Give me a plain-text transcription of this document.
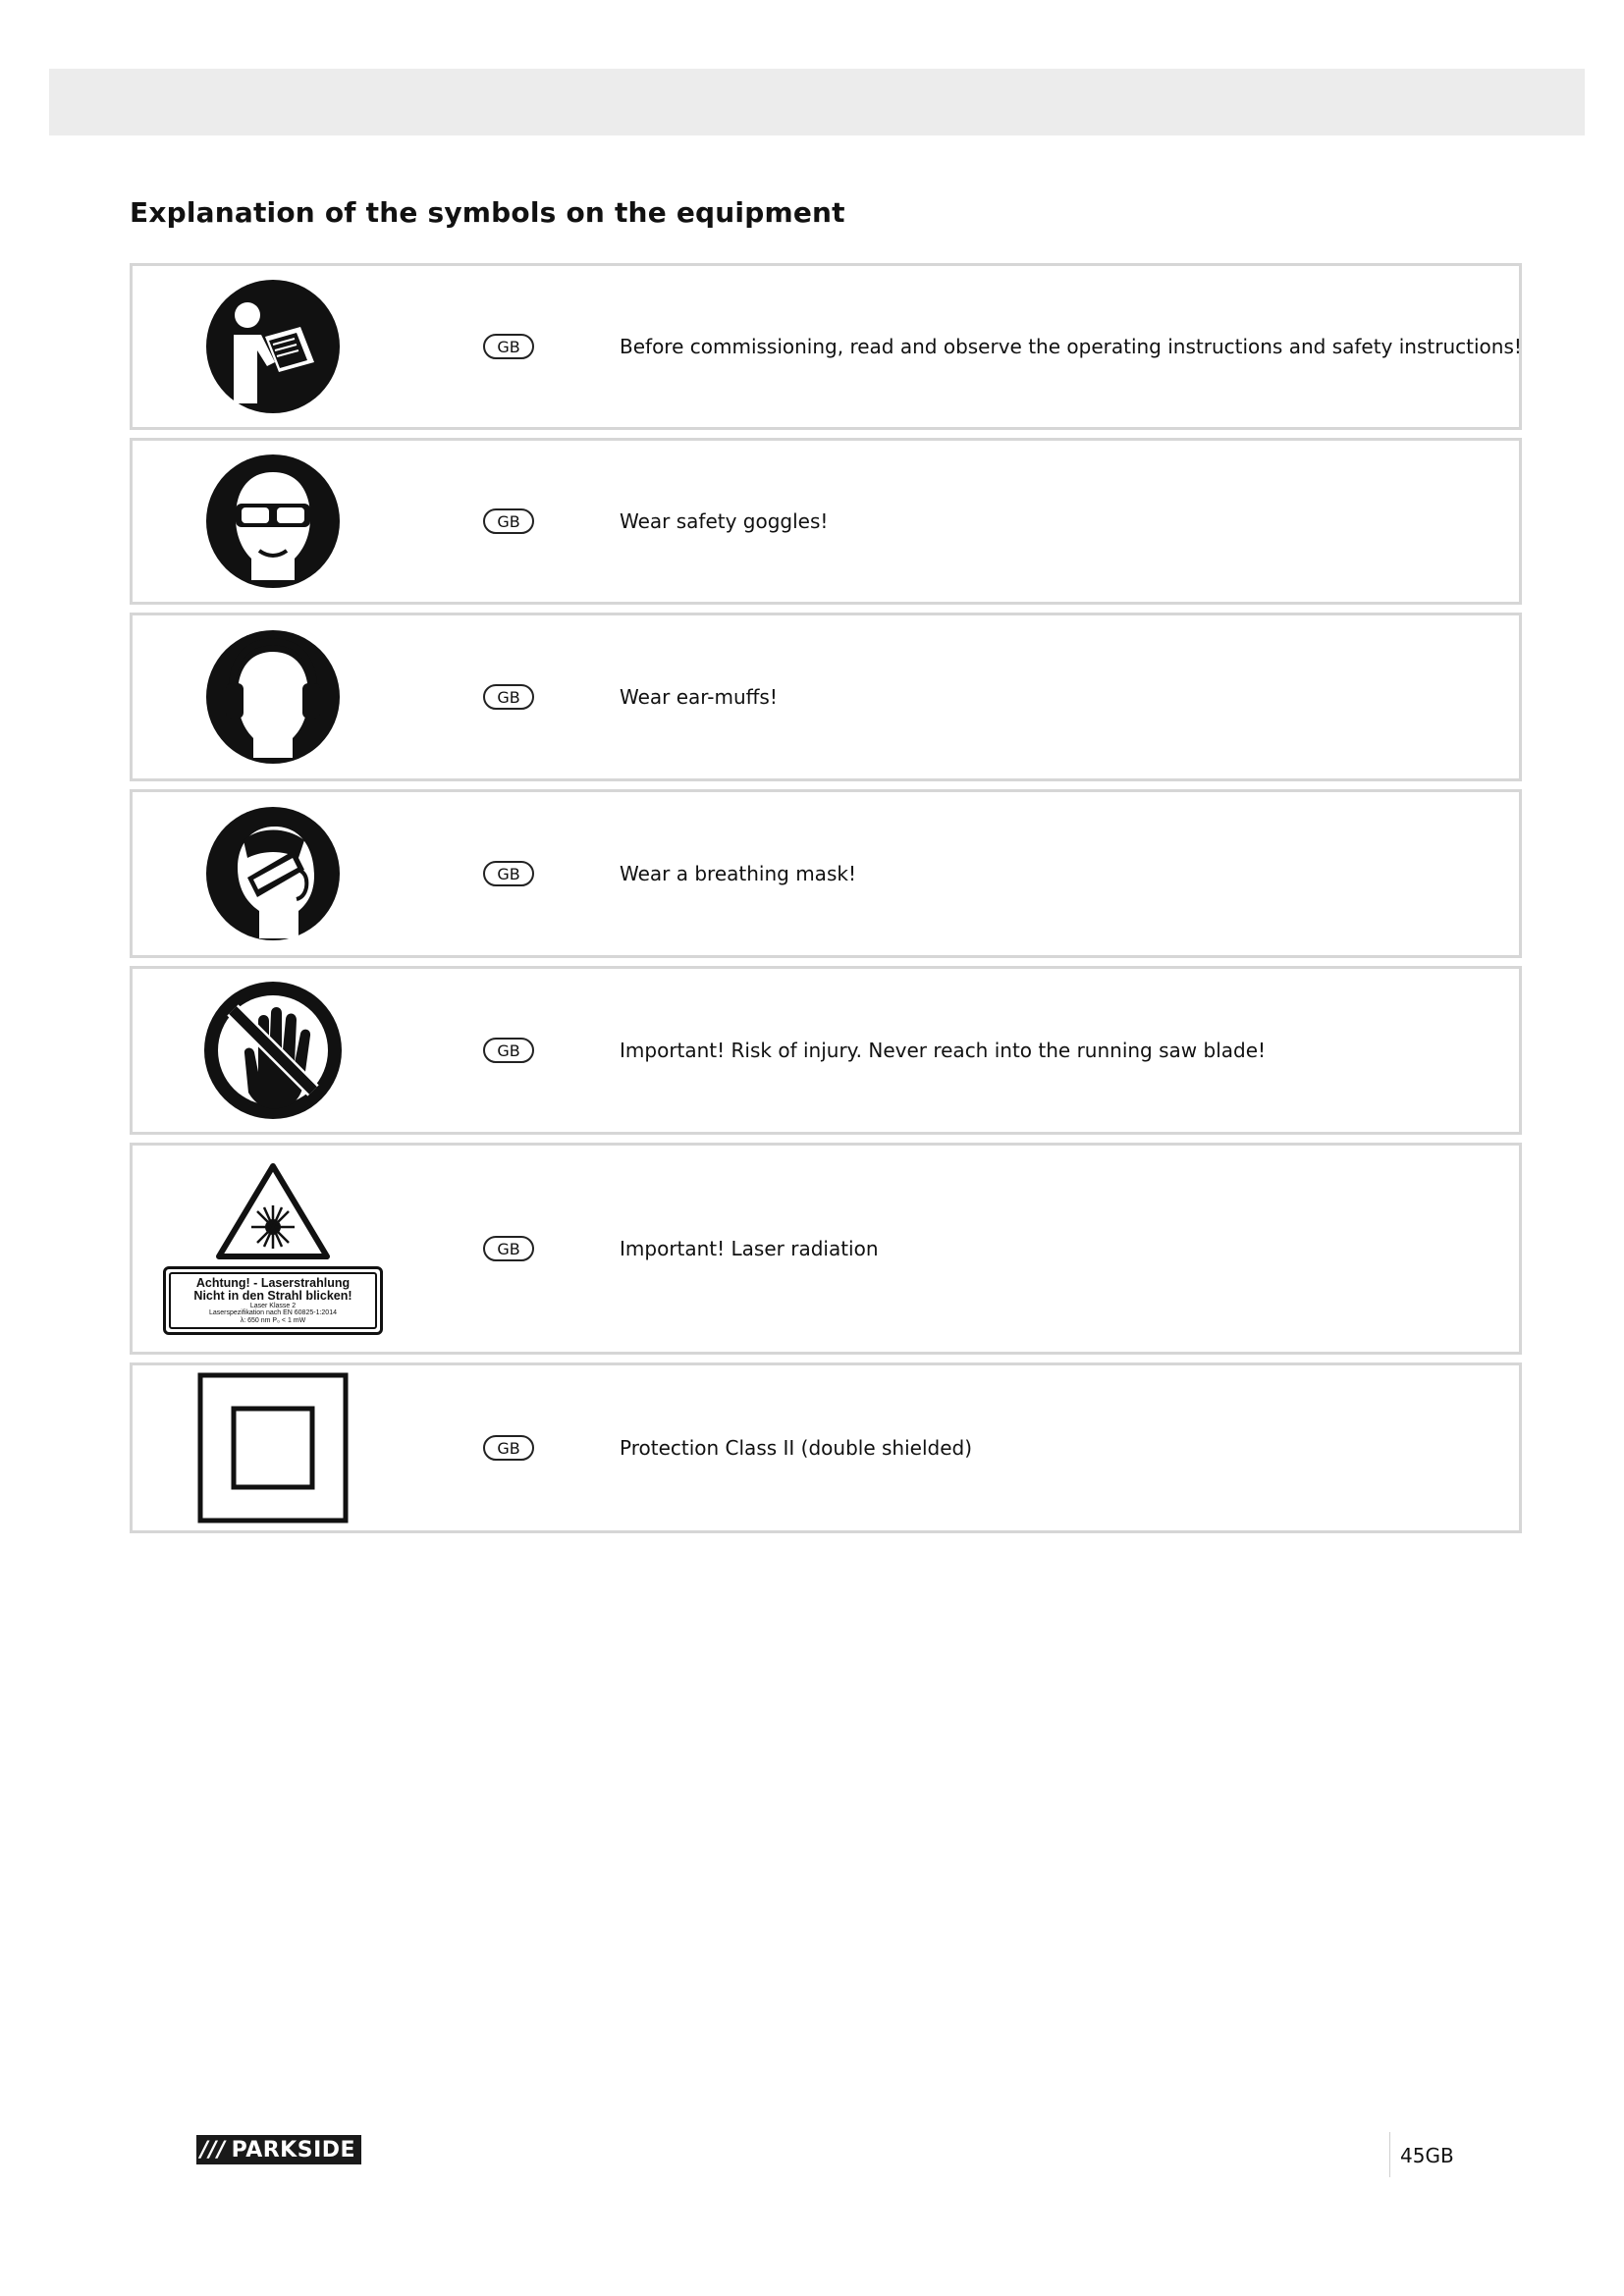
Explanation of the symbols on the equipment
GB	Before commissioning, read and observe the operating instructions and safety instructions!
GB	Wear safety goggles!
GB	Wear ear-muffs!
GB	Wear a breathing mask!
GB	Important! Risk of injury. Never reach into the running saw blade!
Achtung! - Laserstrahlung
Nicht in den Strahl blicken!
Laser Klasse 2
Laserspezifikation nach EN 60825-1:2014
λ: 650 nm P₀ < 1 mW
GB	Important! Laser radiation
GB	Protection Class II (double shielded)
/// PARKSIDE	45GB
